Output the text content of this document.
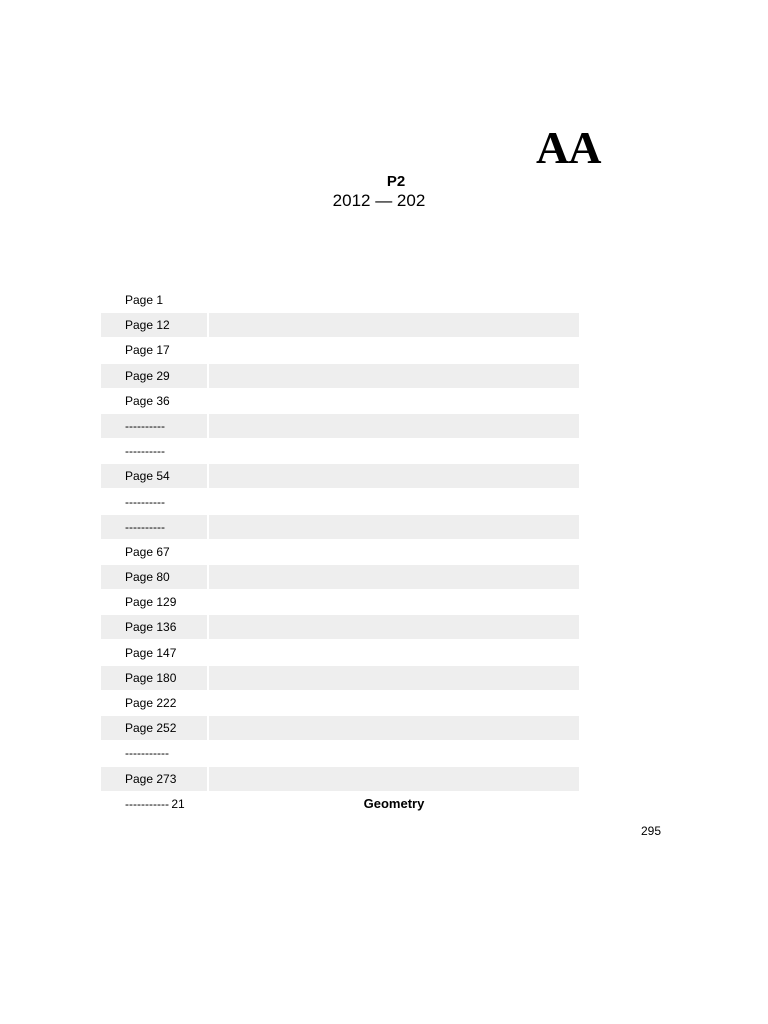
AA
P2
2012 — 202
Page 1
Page 12
Page 17
Page 29
Page 36
----------
----------
Page 54
----------
----------
Page 67
Page 80
Page 129
Page 136
Page 147
Page 180
Page 222
Page 252
-----------
Page 273
21	Geometry
-----------
295
